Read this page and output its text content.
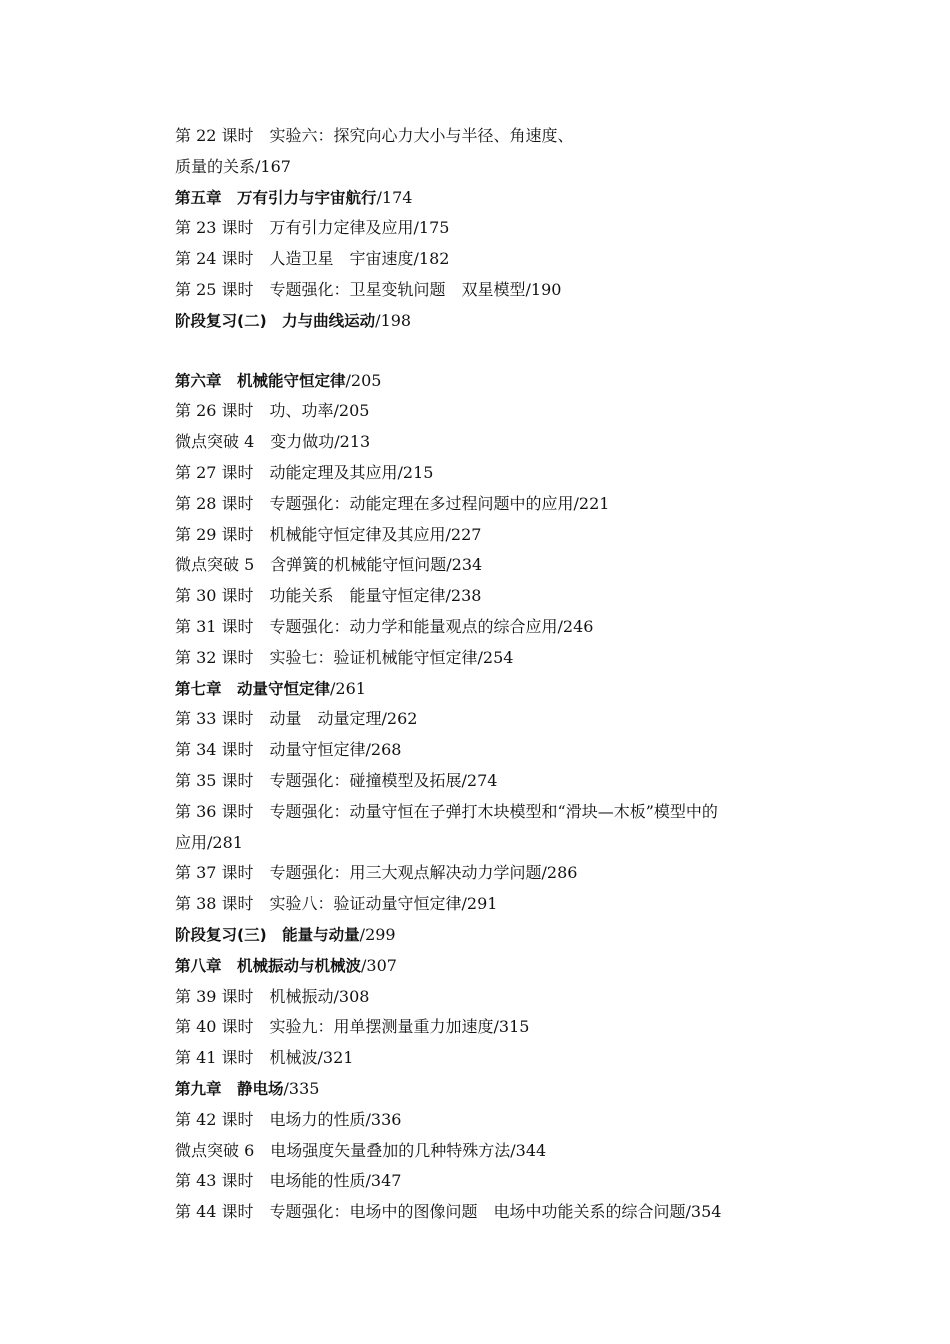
第 22 课时　实验六：探究向心力大小与半径、角速度、
质量的关系/167
第五章　万有引力与宇宙航行/174
第 23 课时　万有引力定律及应用/175
第 24 课时　人造卫星　宇宙速度/182
第 25 课时　专题强化：卫星变轨问题　双星模型/190
阶段复习(二)　力与曲线运动/198
第六章　机械能守恒定律/205
第 26 课时　功、功率/205
微点突破 4　变力做功/213
第 27 课时　动能定理及其应用/215
第 28 课时　专题强化：动能定理在多过程问题中的应用/221
第 29 课时　机械能守恒定律及其应用/227
微点突破 5　含弹簧的机械能守恒问题/234
第 30 课时　功能关系　能量守恒定律/238
第 31 课时　专题强化：动力学和能量观点的综合应用/246
第 32 课时　实验七：验证机械能守恒定律/254
第七章　动量守恒定律/261
第 33 课时　动量　动量定理/262
第 34 课时　动量守恒定律/268
第 35 课时　专题强化：碰撞模型及拓展/274
第 36 课时　专题强化：动量守恒在子弹打木块模型和“滑块—木板”模型中的
应用/281
第 37 课时　专题强化：用三大观点解决动力学问题/286
第 38 课时　实验八：验证动量守恒定律/291
阶段复习(三)　能量与动量/299
第八章　机械振动与机械波/307
第 39 课时　机械振动/308
第 40 课时　实验九：用单摆测量重力加速度/315
第 41 课时　机械波/321
第九章　静电场/335
第 42 课时　电场力的性质/336
微点突破 6　电场强度矢量叠加的几种特殊方法/344
第 43 课时　电场能的性质/347
第 44 课时　专题强化：电场中的图像问题　电场中功能关系的综合问题/354
